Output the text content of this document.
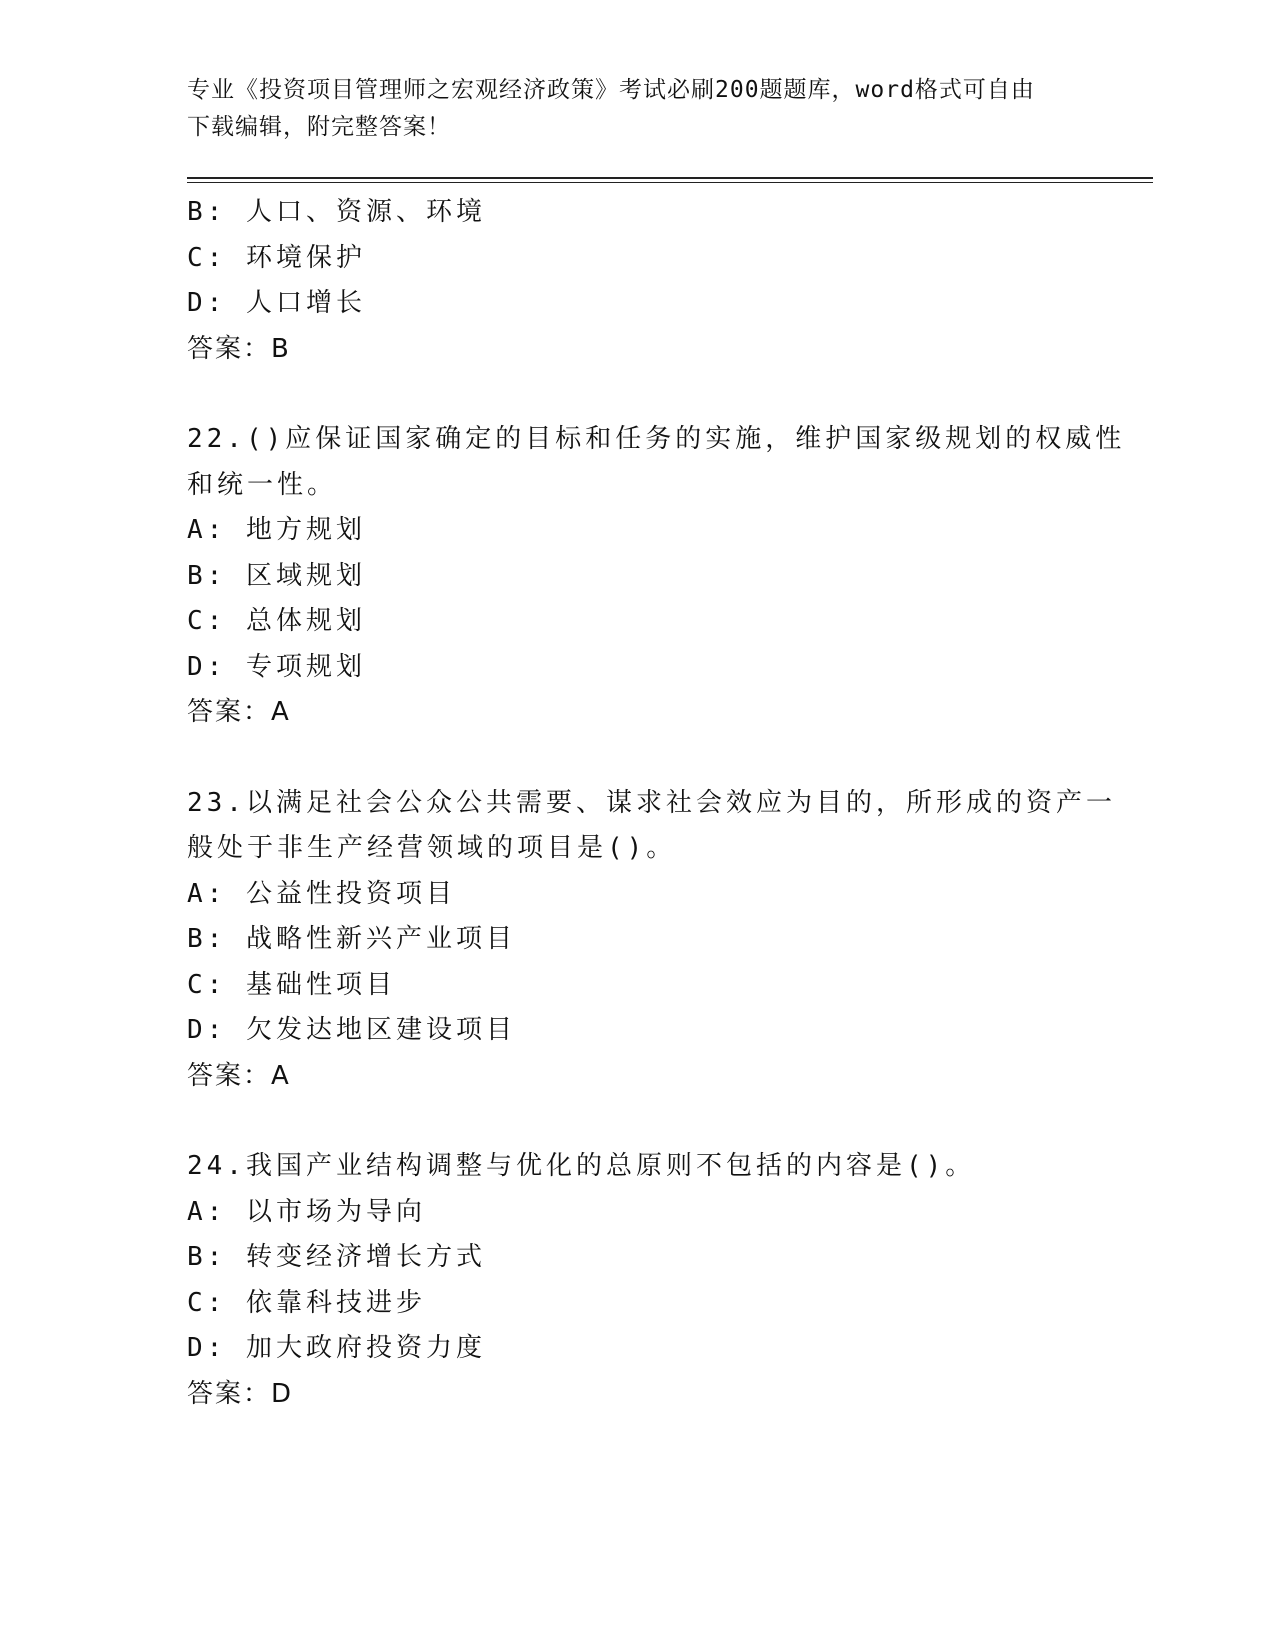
专业《投资项目管理师之宏观经济政策》考试必刷200题题库，word格式可自由
下载编辑，附完整答案！
B: 人口、资源、环境
C: 环境保护
D: 人口增长
答案：B
22.()应保证国家确定的目标和任务的实施，维护国家级规划的权威性
和统一性。
A: 地方规划
B: 区域规划
C: 总体规划
D: 专项规划
答案：A
23.以满足社会公众公共需要、谋求社会效应为目的，所形成的资产一
般处于非生产经营领域的项目是()。
A: 公益性投资项目
B: 战略性新兴产业项目
C: 基础性项目
D: 欠发达地区建设项目
答案：A
24.我国产业结构调整与优化的总原则不包括的内容是()。
A: 以市场为导向
B: 转变经济增长方式
C: 依靠科技进步
D: 加大政府投资力度
答案：D
